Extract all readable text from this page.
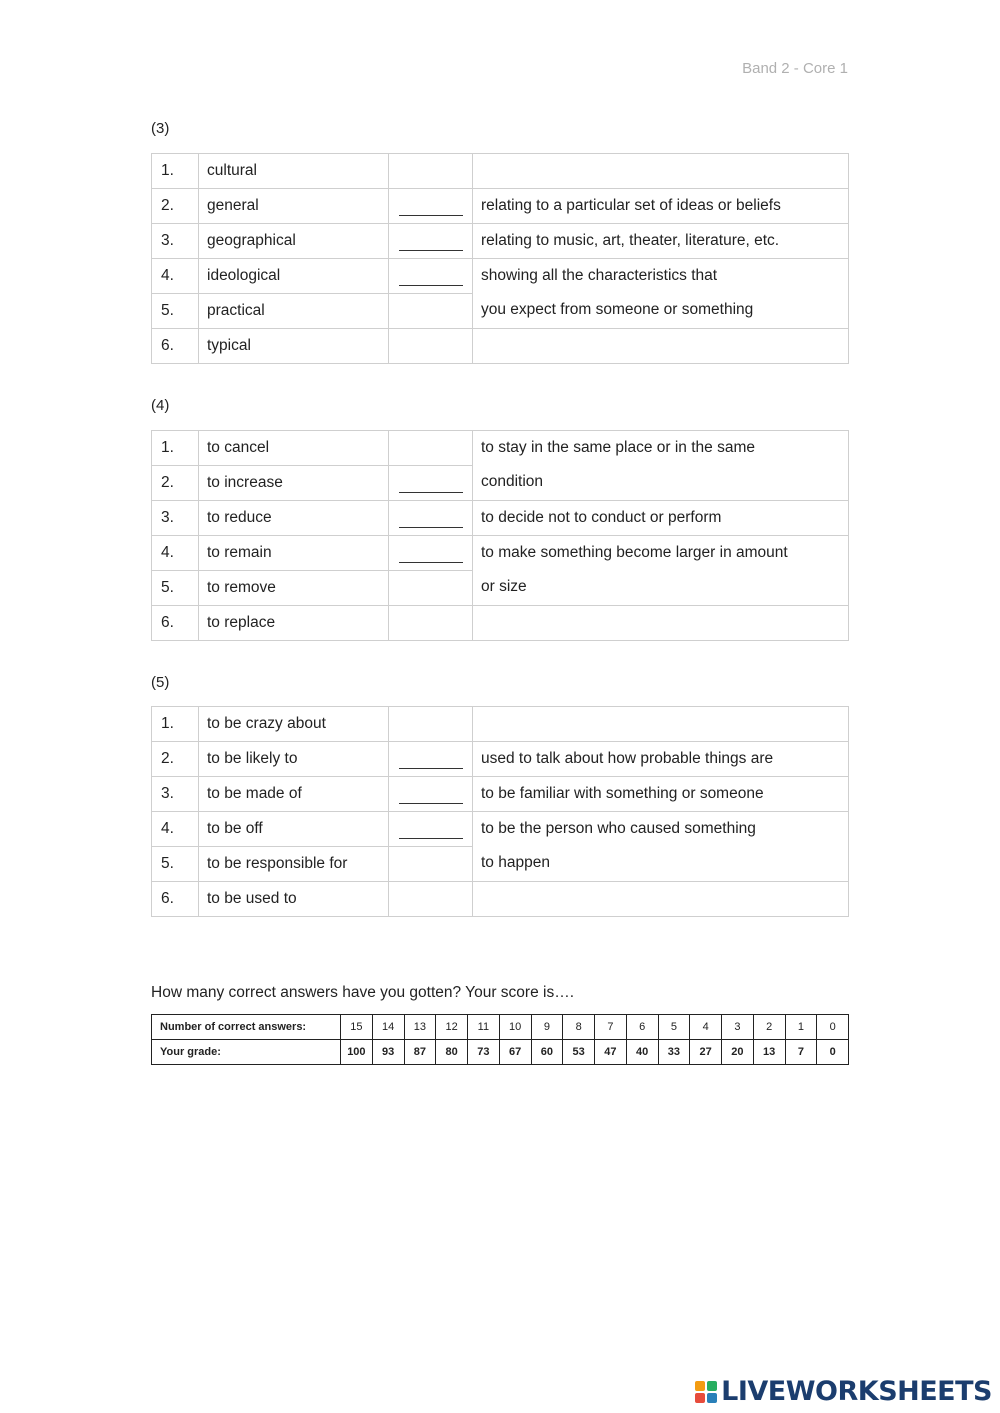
Band 2 - Core 1
(3)
1.	cultural		
2.	general		relating to a particular set of ideas or beliefs
3.	geographical		relating to music, art, theater, literature, etc.
4.	ideological		showing all the characteristics that
you expect from someone or something

5.	practical		
6.	typical		
(4)
1.	to cancel		to stay in the same place or in the same
condition

2.	to increase		
3.	to reduce		to decide not to conduct or perform
4.	to remain		to make something become larger in amount
or size

5.	to remove		
6.	to replace		
(5)
1.	to be crazy about		
2.	to be likely to		used to talk about how probable things are
3.	to be made of		to be familiar with something or someone
4.	to be off		to be the person who caused something
to happen

5.	to be responsible for		
6.	to be used to		
How many correct answers have you gotten? Your score is….
Number of correct answers:	15	14	13	12	11	10	9	8	7	6	5	4	3	2	1	0
Your grade:	100	93	87	80	73	67	60	53	47	40	33	27	20	13	7	0
LIVEWORKSHEETS
